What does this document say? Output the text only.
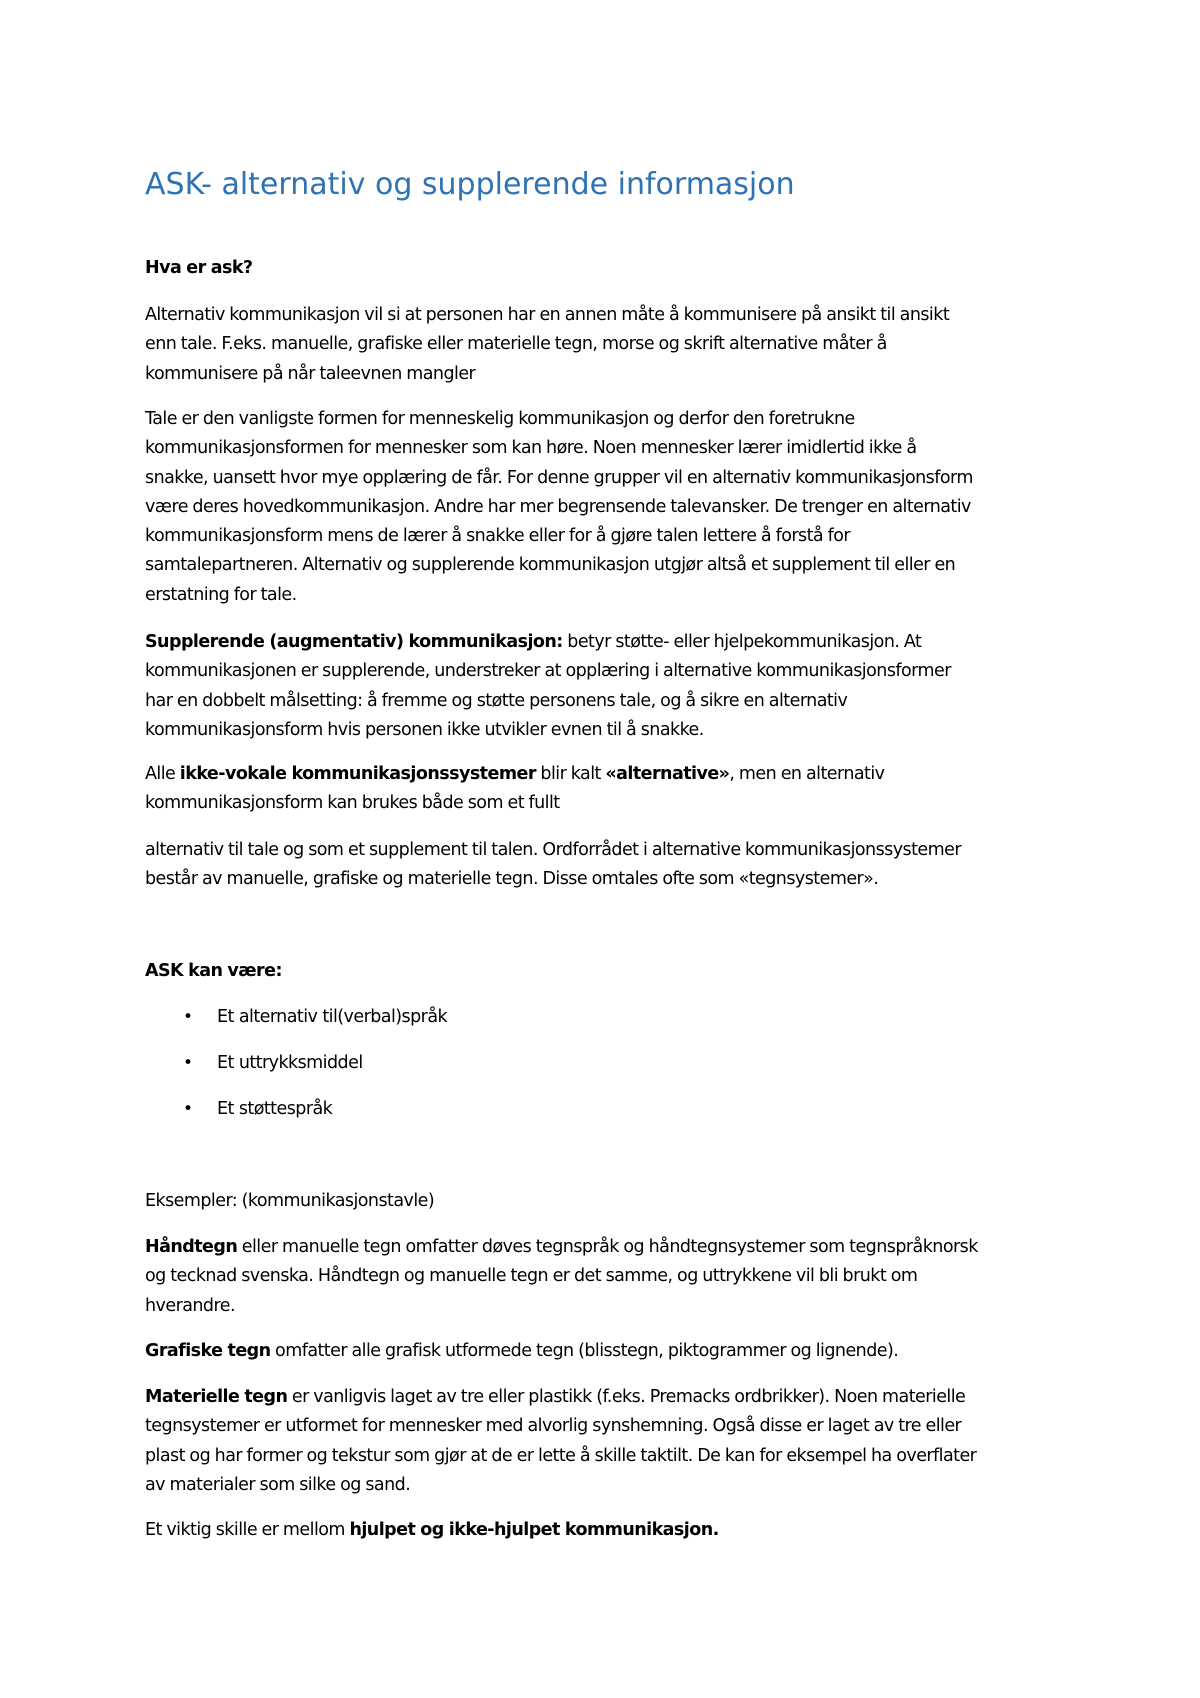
ASK- alternativ og supplerende informasjon

Hva er ask?

Alternativ kommunikasjon vil si at personen har en annen måte å kommunisere på ansikt til ansikt
enn tale. F.eks. manuelle, grafiske eller materielle tegn, morse og skrift alternative måter å
kommunisere på når taleevnen mangler

Tale er den vanligste formen for menneskelig kommunikasjon og derfor den foretrukne
kommunikasjonsformen for mennesker som kan høre. Noen mennesker lærer imidlertid ikke å
snakke, uansett hvor mye opplæring de får. For denne grupper vil en alternativ kommunikasjonsform
være deres hovedkommunikasjon. Andre har mer begrensende talevansker. De trenger en alternativ
kommunikasjonsform mens de lærer å snakke eller for å gjøre talen lettere å forstå for
samtalepartneren. Alternativ og supplerende kommunikasjon utgjør altså et supplement til eller en
erstatning for tale.

Supplerende (augmentativ) kommunikasjon: betyr støtte- eller hjelpekommunikasjon. At
kommunikasjonen er supplerende, understreker at opplæring i alternative kommunikasjonsformer
har en dobbelt målsetting: å fremme og støtte personens tale, og å sikre en alternativ
kommunikasjonsform hvis personen ikke utvikler evnen til å snakke.

Alle ikke-vokale kommunikasjonssystemer blir kalt «alternative», men en alternativ
kommunikasjonsform kan brukes både som et fullt

alternativ til tale og som et supplement til talen. Ordforrådet i alternative kommunikasjonssystemer
består av manuelle, grafiske og materielle tegn. Disse omtales ofte som «tegnsystemer».

ASK kan være:

• Et alternativ til(verbal)språk
• Et uttrykksmiddel
• Et støttespråk

Eksempler: (kommunikasjonstavle)

Håndtegn eller manuelle tegn omfatter døves tegnspråk og håndtegnsystemer som tegnspråknorsk
og tecknad svenska. Håndtegn og manuelle tegn er det samme, og uttrykkene vil bli brukt om
hverandre.

Grafiske tegn omfatter alle grafisk utformede tegn (blisstegn, piktogrammer og lignende).

Materielle tegn er vanligvis laget av tre eller plastikk (f.eks. Premacks ordbrikker). Noen materielle
tegnsystemer er utformet for mennesker med alvorlig synshemning. Også disse er laget av tre eller
plast og har former og tekstur som gjør at de er lette å skille taktilt. De kan for eksempel ha overflater
av materialer som silke og sand.

Et viktig skille er mellom hjulpet og ikke-hjulpet kommunikasjon.
